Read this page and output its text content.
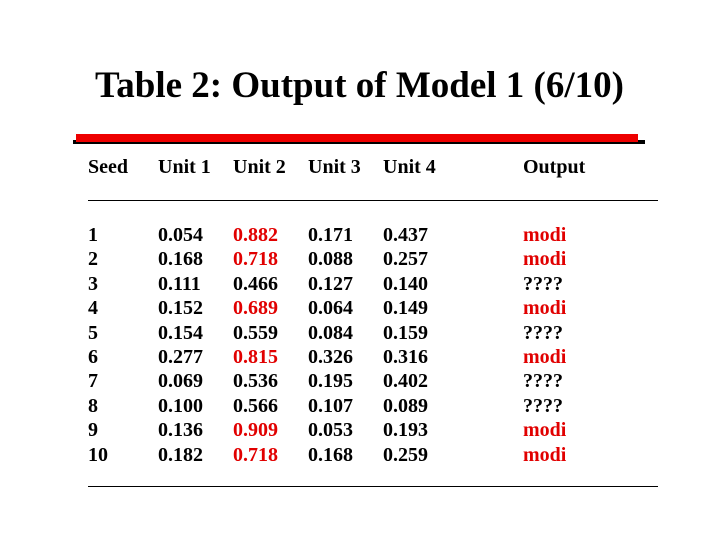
Table 2: Output of Model 1 (6/10)
Seed Unit 1 Unit 2 Unit 3 Unit 4	Output
1	0.054 0.882 0.171 0.437	modi
2	0.168 0.718 0.088 0.257	modi
3	0.111 0.466 0.127 0.140	????
4	0.152 0.689 0.064 0.149	modi
5	0.154 0.559 0.084 0.159	????
6	0.277 0.815 0.326 0.316	modi
7	0.069 0.536 0.195 0.402	????
8	0.100 0.566 0.107 0.089	????
9	0.136 0.909 0.053 0.193	modi
10	0.182 0.718 0.168 0.259	modi
